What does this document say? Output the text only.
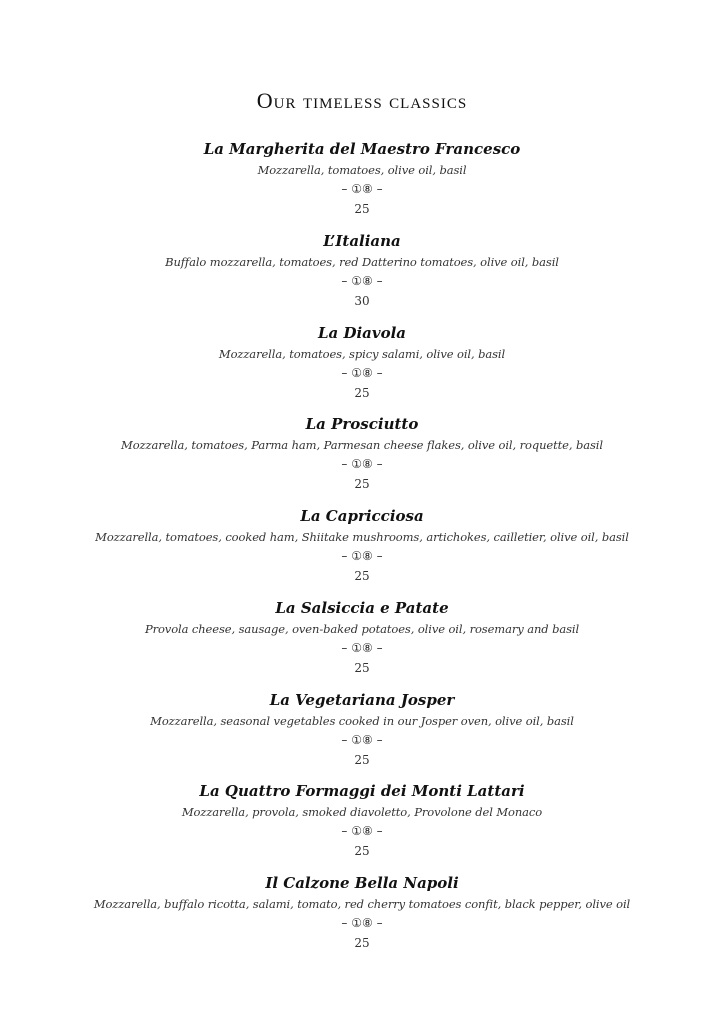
Our timeless classics
La Margherita del Maestro Francesco
Mozzarella, tomatoes, olive oil, basil
– ①⑧ –
25
L’Italiana
Buffalo mozzarella, tomatoes, red Datterino tomatoes, olive oil, basil
– ①⑧ –
30
La Diavola
Mozzarella, tomatoes, spicy salami, olive oil, basil
– ①⑧ –
25
La Prosciutto
Mozzarella, tomatoes, Parma ham, Parmesan cheese flakes, olive oil, roquette, basil
– ①⑧ –
25
La Capricciosa
Mozzarella, tomatoes, cooked ham, Shiitake mushrooms, artichokes, cailletier, olive oil, basil
– ①⑧ –
25
La Salsiccia e Patate
Provola cheese, sausage, oven-baked potatoes, olive oil, rosemary and basil
– ①⑧ –
25
La Vegetariana Josper
Mozzarella, seasonal vegetables cooked in our Josper oven, olive oil, basil
– ①⑧ –
25
La Quattro Formaggi dei Monti Lattari
Mozzarella, provola, smoked diavoletto, Provolone del Monaco
– ①⑧ –
25
Il Calzone Bella Napoli
Mozzarella, buffalo ricotta, salami, tomato, red cherry tomatoes confit, black pepper, olive oil
– ①⑧ –
25
